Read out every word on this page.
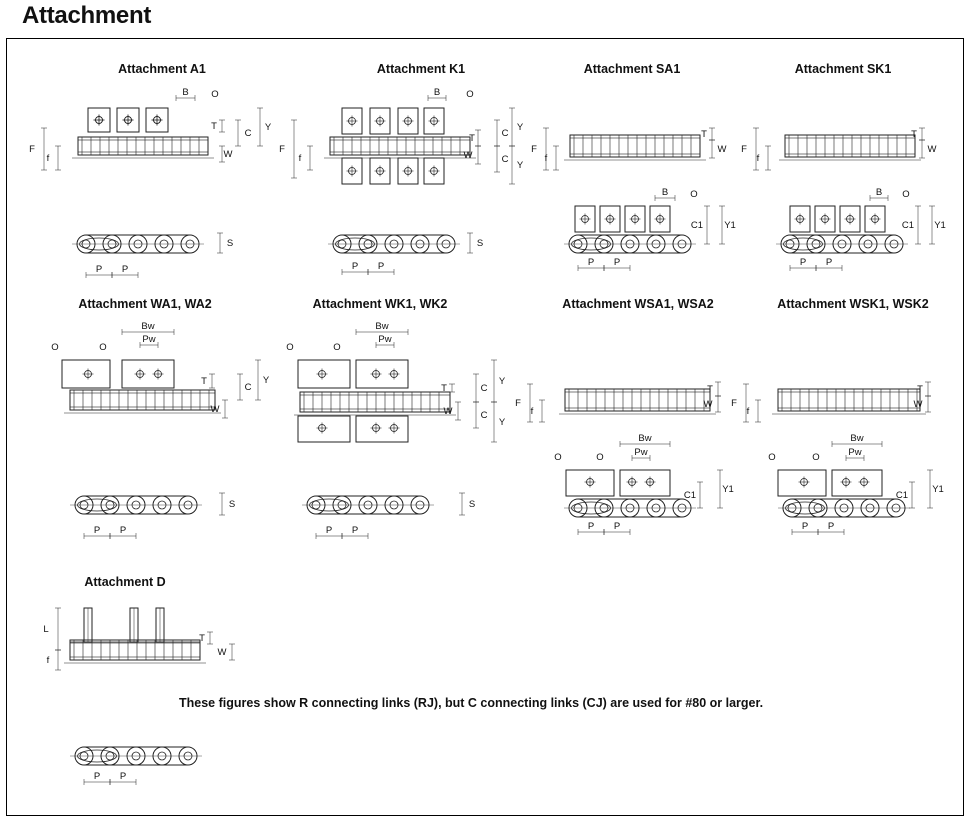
Attachment
Attachment A1	Attachment K1	Attachment SA1	Attachment SK1
Attachment WA1, WA2	Attachment WK1, WK2	Attachment WSA1, WSA2	Attachment WSK1, WSK2
Attachment D
These figures show R connecting links (RJ), but C connecting links (CJ) are used for #80 or larger.
F
f
C
Y
T
W
B O
S
P P
F
f
C
Y
C
Y
T
W
B	O
S
P P
F
f
T
W
B O
C1 Y1
P P
F
f
T
W
B O
C1 Y1
P P
Bw
Pw
O	O
T
C
Y
W
S
P P
Bw
Pw
O	O
T	C
Y
C
Y
W
S
P P
F
f
T
W
Bw
Pw
O	O
C1
Y1
P P
F
f
T
W
Bw
Pw
O	O
C1
Y1
P P
L
f
T
W
P P
